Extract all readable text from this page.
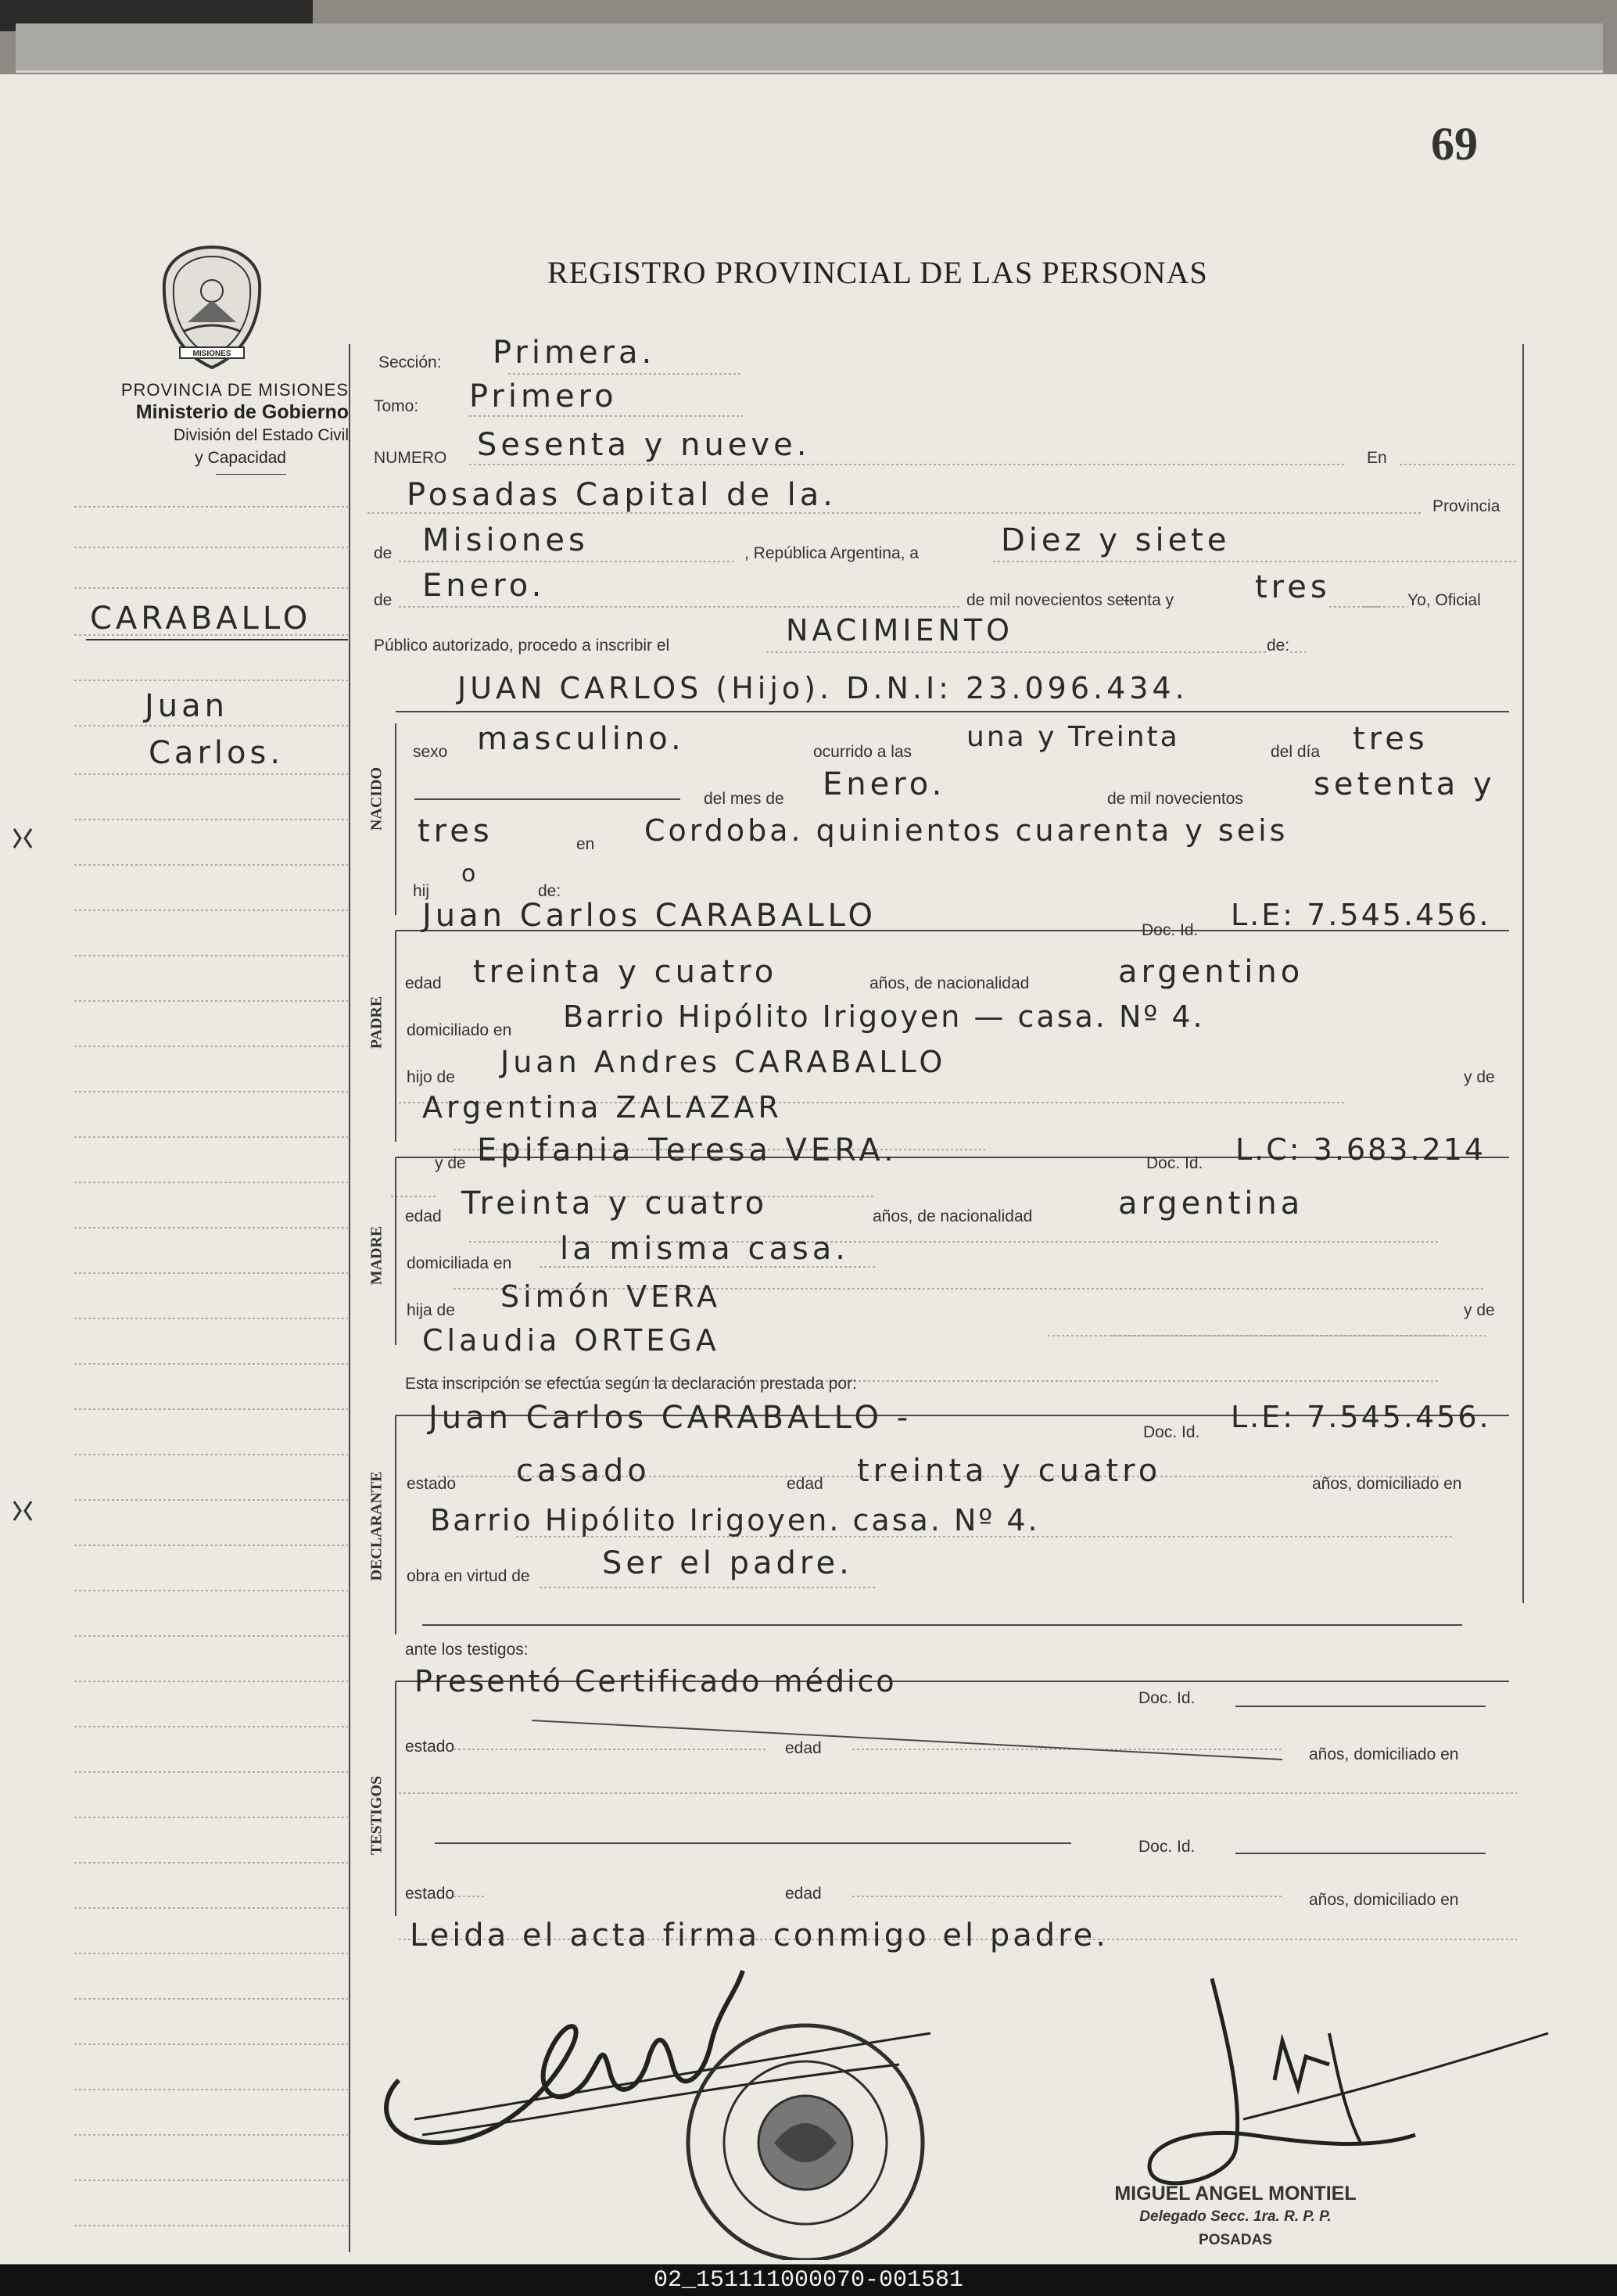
69
MISIONES
PROVINCIA DE MISIONES
Ministerio de Gobierno
División del Estado Civil
y Capacidad
REGISTRO PROVINCIAL DE LAS PERSONAS
CARABALLO
Juan
Carlos.
NACIDO
PADRE
MADRE
DECLARANTE
TESTIGOS
Sección: Primera.
Tomo: Primero
NUMERO Sesenta y nueve.	En
Posadas Capital de la.	Provincia
de Misiones	, República Argentina, a	Diez y siete
de Enero.	de mil novecientos setenta y	tres	Yo, Oficial
Público autorizado, procedo a inscribir el	NACIMIENTO	de:
JUAN CARLOS (Hijo). D.N.I: 23.096.434.
sexo masculino.	ocurrido a las una y Treinta	del día tres
del mes de Enero.	de mil novecientos setenta y
tres	en Cordoba. quinientos cuarenta y seis
hij
o
de:
Juan Carlos CARABALLO	Doc. Id. L.E: 7.545.456.
edad treinta y cuatro	años, de nacionalidad	argentino
domiciliado en Barrio Hipólito Irigoyen — casa. Nº 4.
hijo de Juan Andres CARABALLO	y de
Argentina ZALAZAR
y de Epifania Teresa VERA.	Doc. Id. L.C: 3.683.214
edad Treinta y cuatro	años, de nacionalidad	argentina
domiciliada en la misma casa.
hija de Simón VERA	y de
Claudia ORTEGA
Esta inscripción se efectúa según la declaración prestada por:
Juan Carlos CARABALLO -	Doc. Id. L.E: 7.545.456.
estado casado	edad treinta y cuatro	años, domiciliado en
Barrio Hipólito Irigoyen. casa. Nº 4.
obra en virtud de Ser el padre.
ante los testigos:
Presentó Certificado médico	Doc. Id.
estado	edad	años, domiciliado en
Doc. Id.
estado	edad	años, domiciliado en
Leida el acta firma conmigo el padre.
MIGUEL ANGEL MONTIEL
Delegado Secc. 1ra. R. P. P.
POSADAS
02_151111000070-001581
